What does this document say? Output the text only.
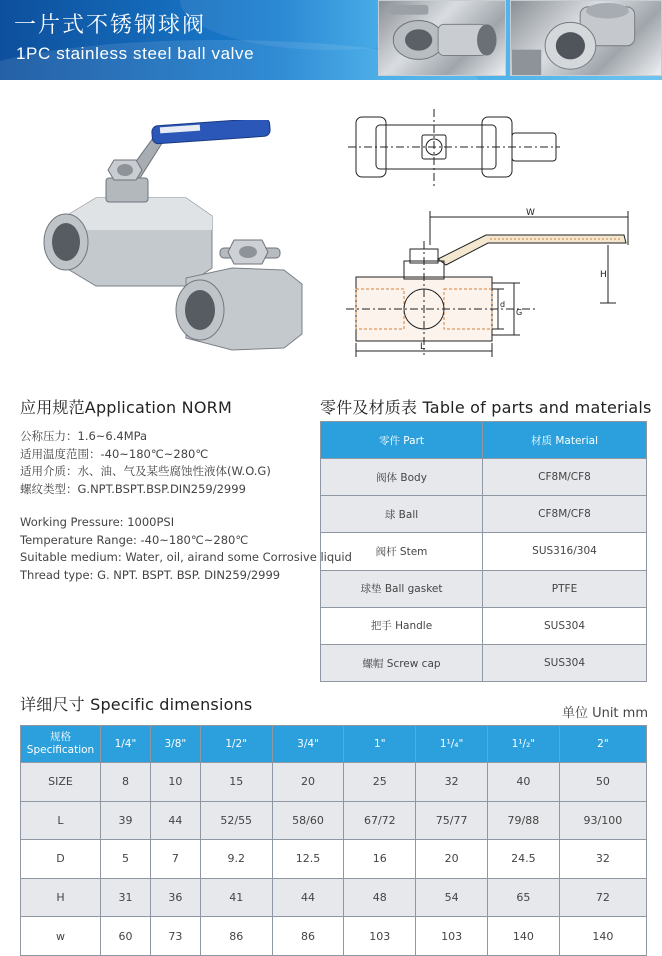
一片式不锈钢球阀
1PC stainless steel ball valve
W
H
L
d
G
应用规范Application NORM
公称压力：1.6~6.4MPa
适用温度范围：-40~180℃~280℃
适用介质：水、油、气及某些腐蚀性液体(W.O.G)
螺纹类型：G.NPT.BSPT.BSP.DIN259/2999
Working Pressure: 1000PSI
Temperature Range: -40~180℃~280℃
Suitable medium: Water, oil, airand some Corrosive liquid
Thread type: G. NPT. BSPT. BSP. DIN259/2999
零件及材质表 Table of parts and materials
零件 Part	材质 Material
阀体 Body	CF8M/CF8
球 Ball	CF8M/CF8
阀杆 Stem	SUS316/304
球垫 Ball gasket	PTFE
把手 Handle	SUS304
螺帽 Screw cap	SUS304
详细尺寸 Specific dimensions	单位 Unit mm
规格
Specification	1/4"	3/8"	1/2"	3/4"	1"	1¹/₄"	1¹/₂"	2"
SIZE	8	10	15	20	25	32	40	50
L	39	44	52/55	58/60	67/72	75/77	79/88	93/100
D	5	7	9.2	12.5	16	20	24.5	32
H	31	36	41	44	48	54	65	72
w	60	73	86	86	103	103	140	140
